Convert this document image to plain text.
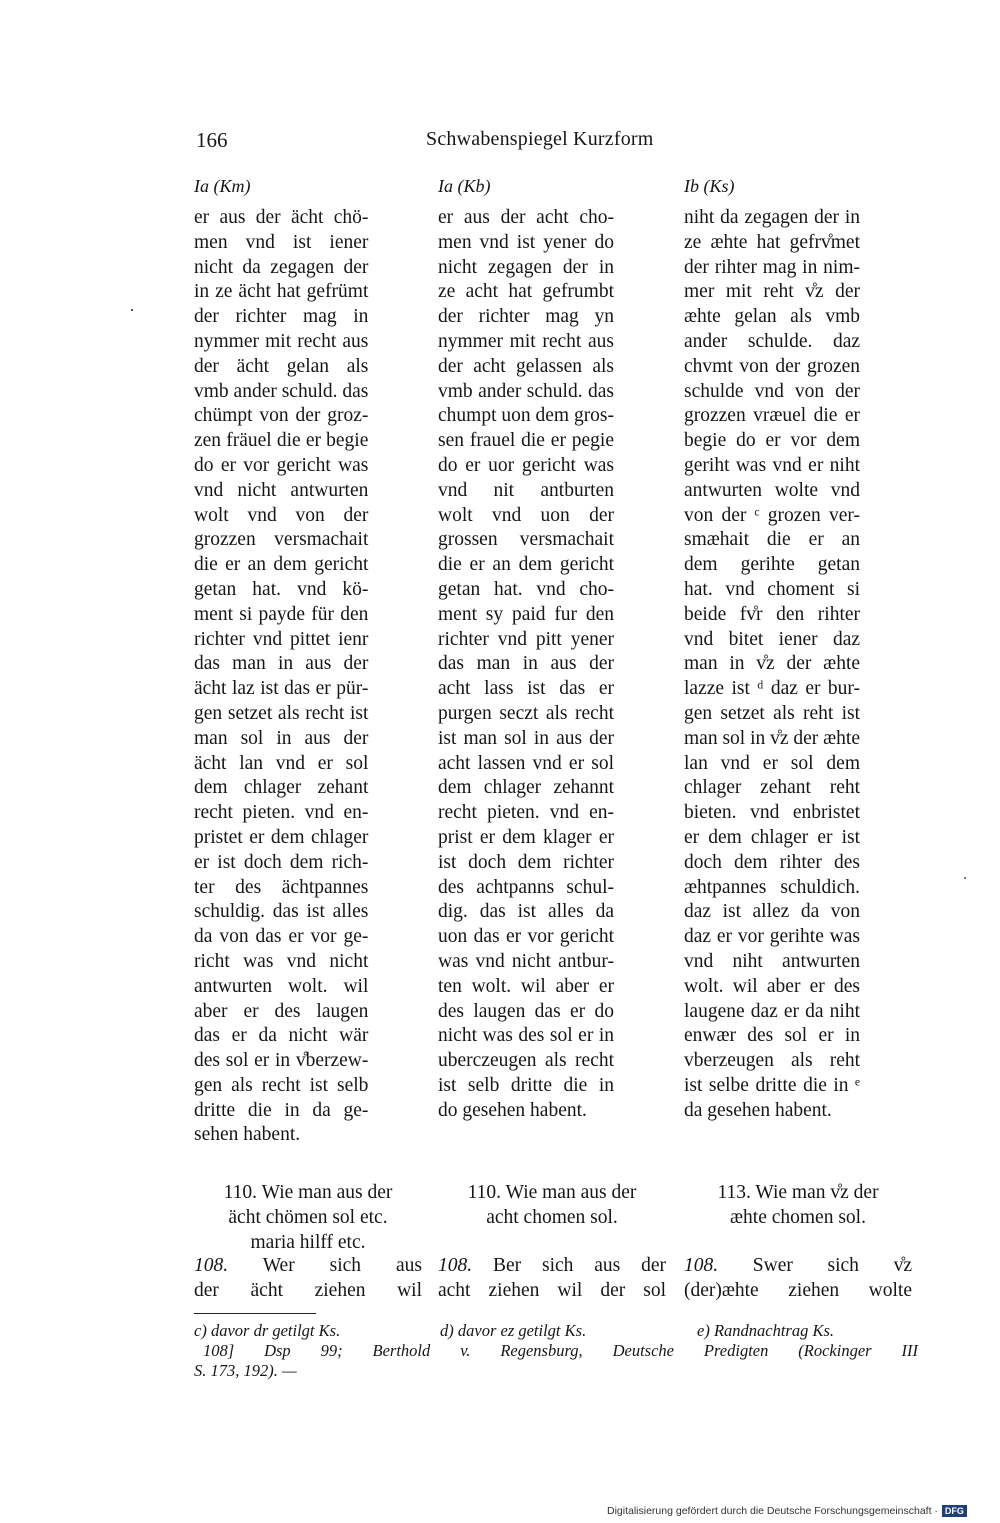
166	Schwabenspiegel Kurzform
Ia (Km)
er aus der ächt chö-
men vnd ist iener
nicht da zegagen der
in ze ächt hat gefrümt
der richter mag in
nymmer mit recht aus
der ächt gelan als
vmb ander schuld. das
chümpt von der groz-
zen fräuel die er begie
do er vor gericht was
vnd nicht antwurten
wolt vnd von der
grozzen versmachait
die er an dem gericht
getan hat. vnd kö-
ment si payde für den
richter vnd pittet ienr
das man in aus der
ächt laz ist das er pür-
gen setzet als recht ist
man sol in aus der
ächt lan vnd er sol
dem chlager zehant
recht pieten. vnd en-
pristet er dem chlager
er ist doch dem rich-
ter des ächtpannes
schuldig. das ist alles
da von das er vor ge-
richt was vnd nicht
antwurten wolt. wil
aber er des laugen
das er da nicht wär
des sol er in v̊berzew-
gen als recht ist selb
dritte die in da ge-
sehen habent.
110. Wie man aus der
ächt chömen sol etc.
maria hilff etc.
108. Wer sich aus
der ächt ziehen wil
Ia (Kb)
er aus der acht cho-
men vnd ist yener do
nicht zegagen der in
ze acht hat gefrumbt
der richter mag yn
nymmer mit recht aus
der acht gelassen als
vmb ander schuld. das
chumpt uon dem gros-
sen frauel die er pegie
do er uor gericht was
vnd nit antburten
wolt vnd uon der
grossen versmachait
die er an dem gericht
getan hat. vnd cho-
ment sy paid fur den
richter vnd pitt yener
das man in aus der
acht lass ist das er
purgen seczt als recht
ist man sol in aus der
acht lassen vnd er sol
dem chlager zehannt
recht pieten. vnd en-
prist er dem klager er
ist doch dem richter
des achtpanns schul-
dig. das ist alles da
uon das er vor gericht
was vnd nicht antbur-
ten wolt. wil aber er
des laugen das er do
nicht was des sol er in
uberczeugen als recht
ist selb dritte die in
do gesehen habent.
110. Wie man aus der
acht chomen sol.
108. Ber sich aus der
acht ziehen wil der sol
Ib (Ks)
niht da zegagen der in
ze æhte hat gefrv̊met
der rihter mag in nim-
mer mit reht v̊z der
æhte gelan als vmb
ander schulde. daz
chvmt von der grozen
schulde vnd von der
grozzen vræuel die er
begie do er vor dem
geriht was vnd er niht
antwurten wolte vnd
von der ᶜ grozen ver-
smæhait die er an
dem gerihte getan
hat. vnd choment si
beide fv̊r den rihter
vnd bitet iener daz
man in v̊z der æhte
lazze ist ᵈ daz er bur-
gen setzet als reht ist
man sol in v̊z der æhte
lan vnd er sol dem
chlager zehant reht
bieten. vnd enbristet
er dem chlager er ist
doch dem rihter des
æhtpannes schuldich.
daz ist allez da von
daz er vor gerihte was
vnd niht antwurten
wolt. wil aber er des
laugene daz er da niht
enwær des sol er in
vberzeugen als reht
ist selbe dritte die in ᵉ
da gesehen habent.
113. Wie man v̊z der
æhte chomen sol.
108. Swer sich v̊z
(der)æhte ziehen wolte
c) davor dr getilgt Ks.	d) davor ez getilgt Ks.	e) Randnachtrag Ks.
108] Dsp 99; Berthold v. Regensburg, Deutsche Predigten (Rockinger III
S. 173, 192). —
Digitalisierung gefördert durch die Deutsche Forschungsgemeinschaft · DFG
